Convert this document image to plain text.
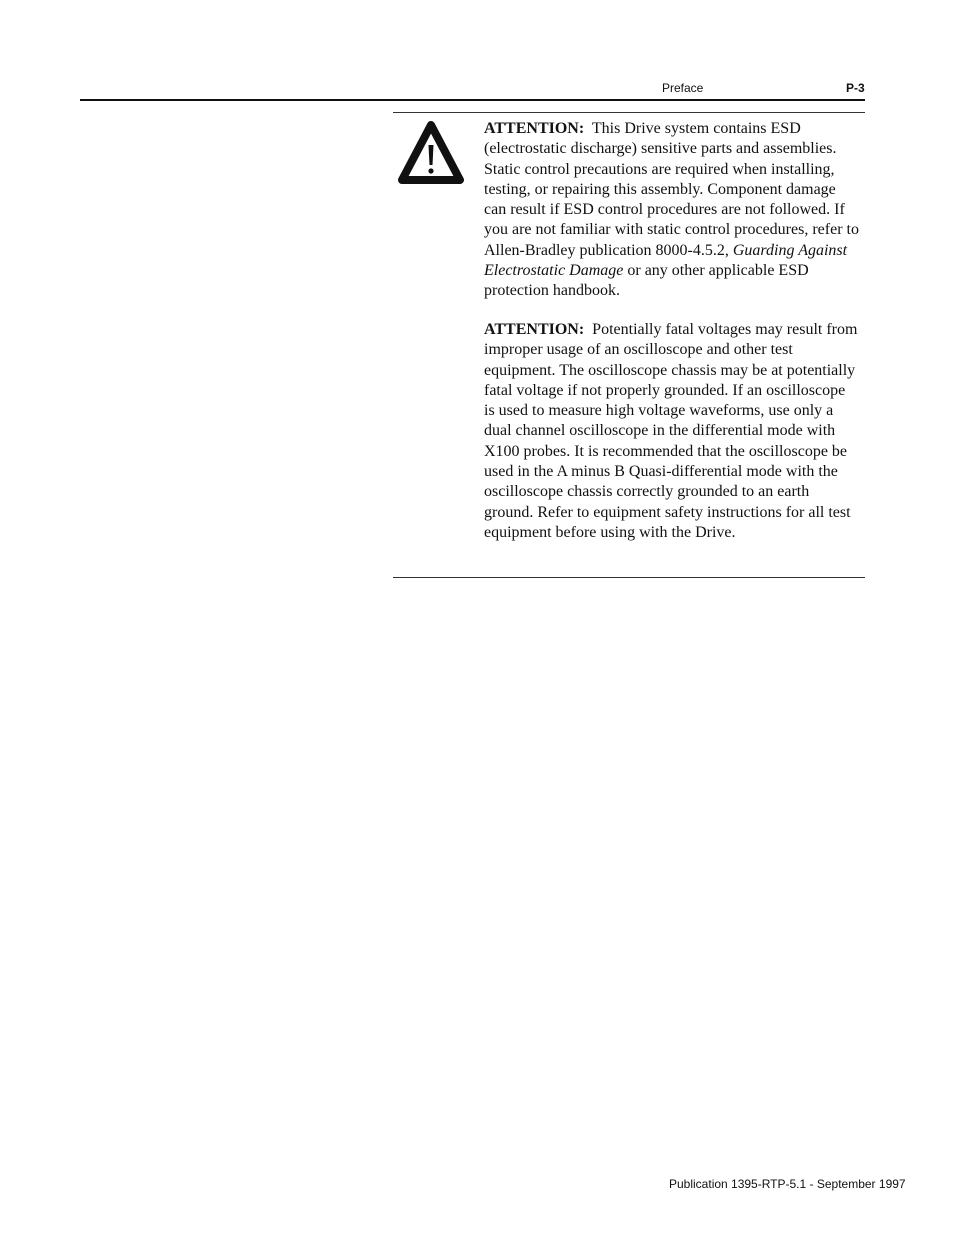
Preface	P-3

ATTENTION: This Drive system contains ESD (electrostatic discharge) sensitive parts and assemblies. Static control precautions are required when installing, testing, or repairing this assembly. Component damage can result if ESD control procedures are not followed. If you are not familiar with static control procedures, refer to Allen-Bradley publication 8000-4.5.2, Guarding Against Electrostatic Damage or any other applicable ESD protection handbook.

ATTENTION: Potentially fatal voltages may result from improper usage of an oscilloscope and other test equipment. The oscilloscope chassis may be at potentially fatal voltage if not properly grounded. If an oscilloscope is used to measure high voltage waveforms, use only a dual channel oscilloscope in the differential mode with X100 probes. It is recommended that the oscilloscope be used in the A minus B Quasi-differential mode with the oscilloscope chassis correctly grounded to an earth ground. Refer to equipment safety instructions for all test equipment before using with the Drive.

Publication 1395-RTP-5.1 - September 1997
